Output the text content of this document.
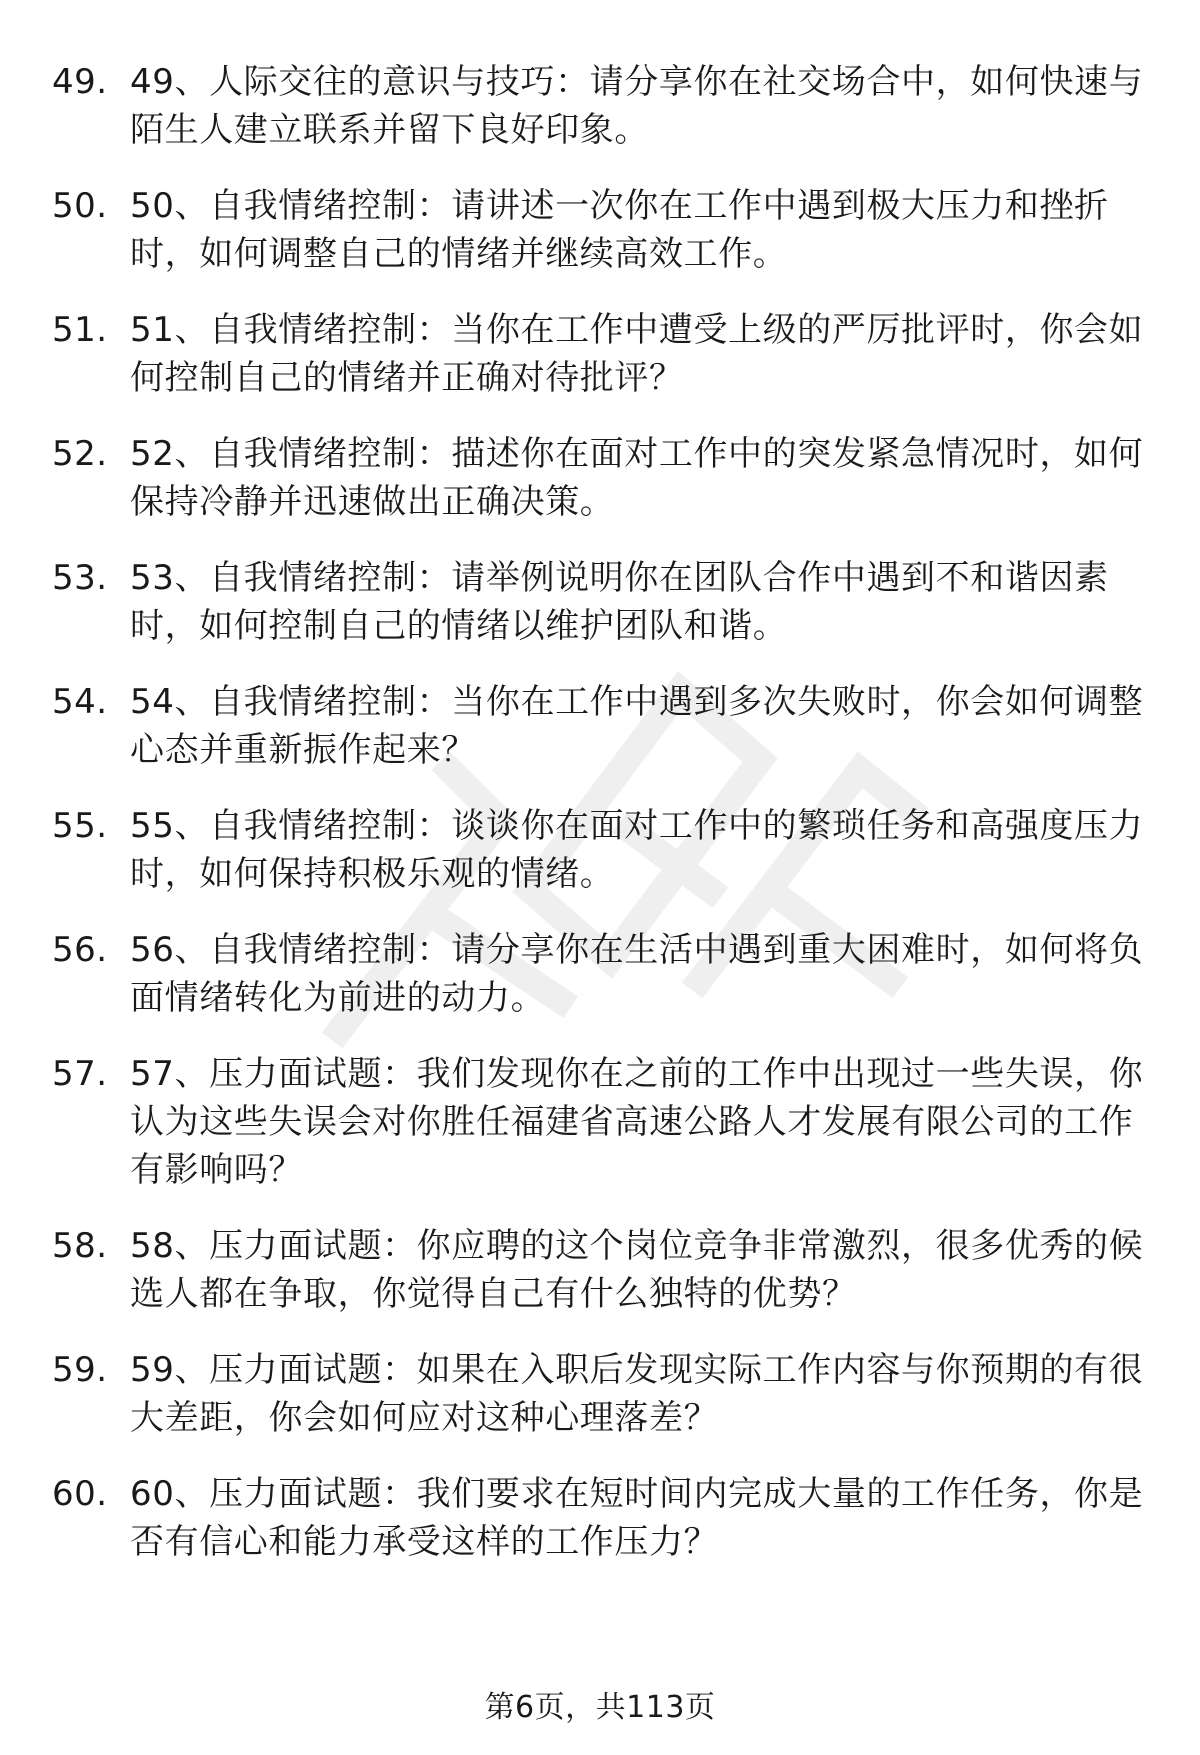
49. 49、人际交往的意识与技巧：请分享你在社交场合中，如何快速与陌生人建立联系并留下良好印象。
50. 50、自我情绪控制：请讲述一次你在工作中遇到极大压力和挫折时，如何调整自己的情绪并继续高效工作。
51. 51、自我情绪控制：当你在工作中遭受上级的严厉批评时，你会如何控制自己的情绪并正确对待批评？
52. 52、自我情绪控制：描述你在面对工作中的突发紧急情况时，如何保持冷静并迅速做出正确决策。
53. 53、自我情绪控制：请举例说明你在团队合作中遇到不和谐因素时，如何控制自己的情绪以维护团队和谐。
54. 54、自我情绪控制：当你在工作中遇到多次失败时，你会如何调整心态并重新振作起来？
55. 55、自我情绪控制：谈谈你在面对工作中的繁琐任务和高强度压力时，如何保持积极乐观的情绪。
56. 56、自我情绪控制：请分享你在生活中遇到重大困难时，如何将负面情绪转化为前进的动力。
57. 57、压力面试题：我们发现你在之前的工作中出现过一些失误，你认为这些失误会对你胜任福建省高速公路人才发展有限公司的工作有影响吗？
58. 58、压力面试题：你应聘的这个岗位竞争非常激烈，很多优秀的候选人都在争取，你觉得自己有什么独特的优势？
59. 59、压力面试题：如果在入职后发现实际工作内容与你预期的有很大差距，你会如何应对这种心理落差？
60. 60、压力面试题：我们要求在短时间内完成大量的工作任务，你是否有信心和能力承受这样的工作压力？
第6页，共113页
